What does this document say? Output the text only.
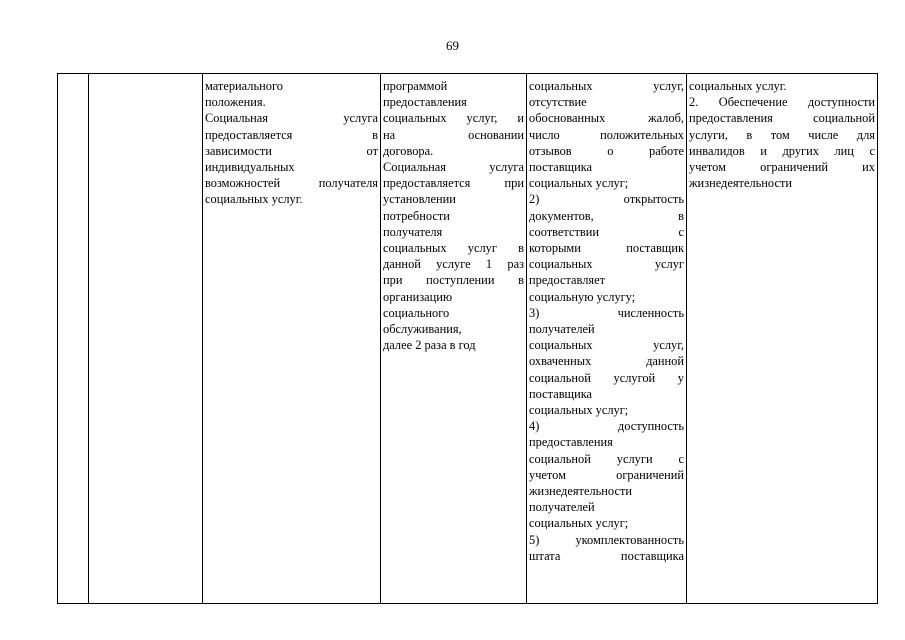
69

материального
положения.
Социальная услуга
предоставляется в
зависимости от
индивидуальных
возможностей получателя
социальных услуг.

программой
предоставления
социальных услуг, и
на основании
договора.
Социальная услуга
предоставляется при
установлении
потребности
получателя
социальных услуг в
данной услуге 1 раз
при поступлении в
организацию
социального
обслуживания,
далее 2 раза в год

социальных услуг,
отсутствие
обоснованных жалоб,
число положительных
отзывов о работе
поставщика
социальных услуг;
2) открытость
документов, в
соответствии с
которыми поставщик
социальных услуг
предоставляет
социальную услугу;
3) численность
получателей
социальных услуг,
охваченных данной
социальной услугой у
поставщика
социальных услуг;
4) доступность
предоставления
социальной услуги с
учетом ограничений
жизнедеятельности
получателей
социальных услуг;
5) укомплектованность
штата поставщика

социальных услуг.
2. Обеспечение доступности
предоставления социальной
услуги, в том числе для
инвалидов и других лиц с
учетом ограничений их
жизнедеятельности
